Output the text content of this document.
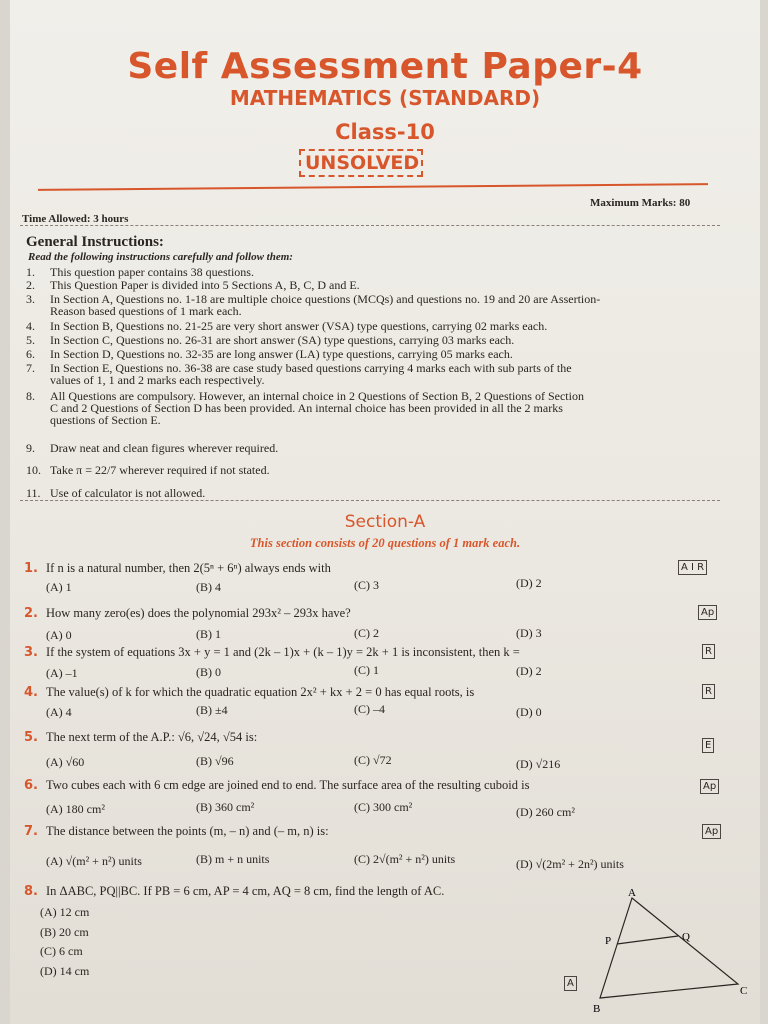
Self Assessment Paper-4
MATHEMATICS (STANDARD)
Class-10
UNSOLVED
Maximum Marks: 80
Time Allowed: 3 hours
General Instructions:
Read the following instructions carefully and follow them:
1. This question paper contains 38 questions.
2. This Question Paper is divided into 5 Sections A, B, C, D and E.
3. In Section A, Questions no. 1-18 are multiple choice questions (MCQs) and questions no. 19 and 20 are Assertion-
Reason based questions of 1 mark each.
4. In Section B, Questions no. 21-25 are very short answer (VSA) type questions, carrying 02 marks each.
5. In Section C, Questions no. 26-31 are short answer (SA) type questions, carrying 03 marks each.
6. In Section D, Questions no. 32-35 are long answer (LA) type questions, carrying 05 marks each.
7. In Section E, Questions no. 36-38 are case study based questions carrying 4 marks each with sub parts of the
values of 1, 1 and 2 marks each respectively.
8. All Questions are compulsory. However, an internal choice in 2 Questions of Section B, 2 Questions of Section
C and 2 Questions of Section D has been provided. An internal choice has been provided in all the 2 marks
questions of Section E.
9. Draw neat and clean figures wherever required.
10. Take π = 22/7 wherever required if not stated.
11. Use of calculator is not allowed.
Section-A
This section consists of 20 questions of 1 mark each.
1. If n is a natural number, then 2(5ⁿ + 6ⁿ) always ends with	A I R
(A) 1	(B) 4	(C) 3	(D) 2
2. How many zero(es) does the polynomial 293x² – 293x have?	Ap
(A) 0	(B) 1	(C) 2	(D) 3
3. If the system of equations 3x + y = 1 and (2k – 1)x + (k – 1)y = 2k + 1 is inconsistent, then k =	R
(A) –1	(B) 0	(C) 1	(D) 2
4. The value(s) of k for which the quadratic equation 2x² + kx + 2 = 0 has equal roots, is	R
(A) 4	(B) ±4	(C) –4	(D) 0
5. The next term of the A.P.: √6, √24, √54 is:
E
(A) √60	(B) √96	(C) √72	(D) √216
6. Two cubes each with 6 cm edge are joined end to end. The surface area of the resulting cuboid is	Ap
(A) 180 cm²	(B) 360 cm²	(C) 300 cm²	(D) 260 cm²
7. The distance between the points (m, – n) and (– m, n) is:	Ap
(A) √(m² + n²) units	(B) m + n units	(C) 2√(m² + n²) units	(D) √(2m² + 2n²) units
8. In ΔABC, PQ||BC. If PB = 6 cm, AP = 4 cm, AQ = 8 cm, find the length of AC.
(A) 12 cm
(B) 20 cm
(C) 6 cm
(D) 14 cm
A
A
P	Q
B
C
